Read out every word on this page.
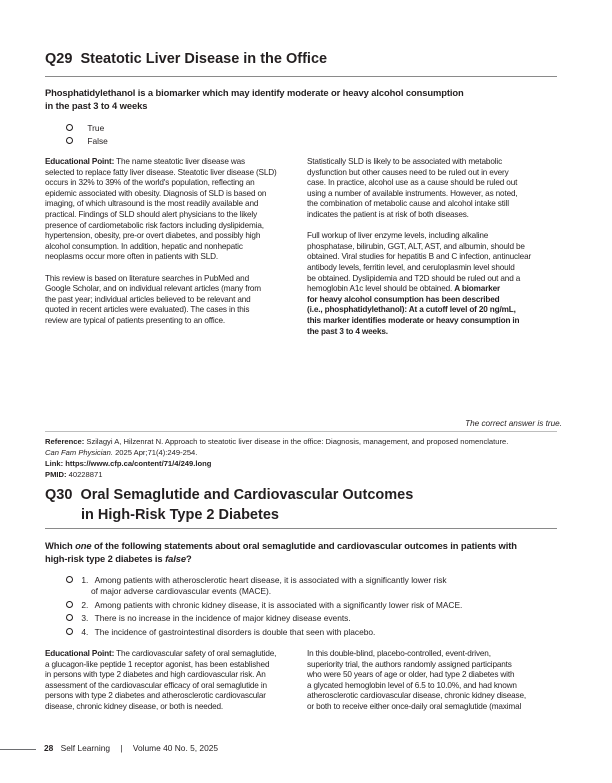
Q29 Steatotic Liver Disease in the Office
Phosphatidylethanol is a biomarker which may identify moderate or heavy alcohol consumption
in the past 3 to 4 weeks
True
False

Educational Point: The name steatotic liver disease was
selected to replace fatty liver disease. Steatotic liver disease (SLD)
occurs in 32% to 39% of the world's population, reflecting an
epidemic associated with obesity. Diagnosis of SLD is based on
imaging, of which ultrasound is the most readily available and
practical. Findings of SLD should alert physicians to the likely
presence of cardiometabolic risk factors including dyslipidemia,
hypertension, obesity, pre-or overt diabetes, and possibly high
alcohol consumption. In addition, hepatic and nonhepatic
neoplasms occur more often in patients with SLD.

This review is based on literature searches in PubMed and
Google Scholar, and on individual relevant articles (many from
the past year; individual articles believed to be relevant and
quoted in recent articles were evaluated). The cases in this
review are typical of patients presenting to an office.

Statistically SLD is likely to be associated with metabolic
dysfunction but other causes need to be ruled out in every
case. In practice, alcohol use as a cause should be ruled out
using a number of available instruments. However, as noted,
the combination of metabolic cause and alcohol intake still
indicates the patient is at risk of both diseases.

Full workup of liver enzyme levels, including alkaline
phosphatase, bilirubin, GGT, ALT, AST, and albumin, should be
obtained. Viral studies for hepatitis B and C infection, antinuclear
antibody levels, ferritin level, and ceruloplasmin level should
be obtained. Dyslipidemia and T2D should be ruled out and a
hemoglobin A1c level should be obtained. A biomarker
for heavy alcohol consumption has been described
(i.e., phosphatidylethanol): At a cutoff level of 20 ng/mL,
this marker identifies moderate or heavy consumption in
the past 3 to 4 weeks.

The correct answer is true.
Reference: Szilagyi A, Hilzenrat N. Approach to steatotic liver disease in the office: Diagnosis, management, and proposed nomenclature.
Can Fam Physician. 2025 Apr;71(4):249-254.
Link: https://www.cfp.ca/content/71/4/249.long
PMID: 40228871
Q30 Oral Semaglutide and Cardiovascular Outcomes
in High-Risk Type 2 Diabetes
Which one of the following statements about oral semaglutide and cardiovascular outcomes in patients with
high-risk type 2 diabetes is false?
1. Among patients with atherosclerotic heart disease, it is associated with a significantly lower risk
of major adverse cardiovascular events (MACE).
2. Among patients with chronic kidney disease, it is associated with a significantly lower risk of MACE.
3. There is no increase in the incidence of major kidney disease events.
4. The incidence of gastrointestinal disorders is double that seen with placebo.

Educational Point: The cardiovascular safety of oral semaglutide,
a glucagon-like peptide 1 receptor agonist, has been established
in persons with type 2 diabetes and high cardiovascular risk. An
assessment of the cardiovascular efficacy of oral semaglutide in
persons with type 2 diabetes and atherosclerotic cardiovascular
disease, chronic kidney disease, or both is needed.

In this double-blind, placebo-controlled, event-driven,
superiority trial, the authors randomly assigned participants
who were 50 years of age or older, had type 2 diabetes with
a glycated hemoglobin level of 6.5 to 10.0%, and had known
atherosclerotic cardiovascular disease, chronic kidney disease,
or both to receive either once-daily oral semaglutide (maximal

28 Self Learning | Volume 40 No. 5, 2025
